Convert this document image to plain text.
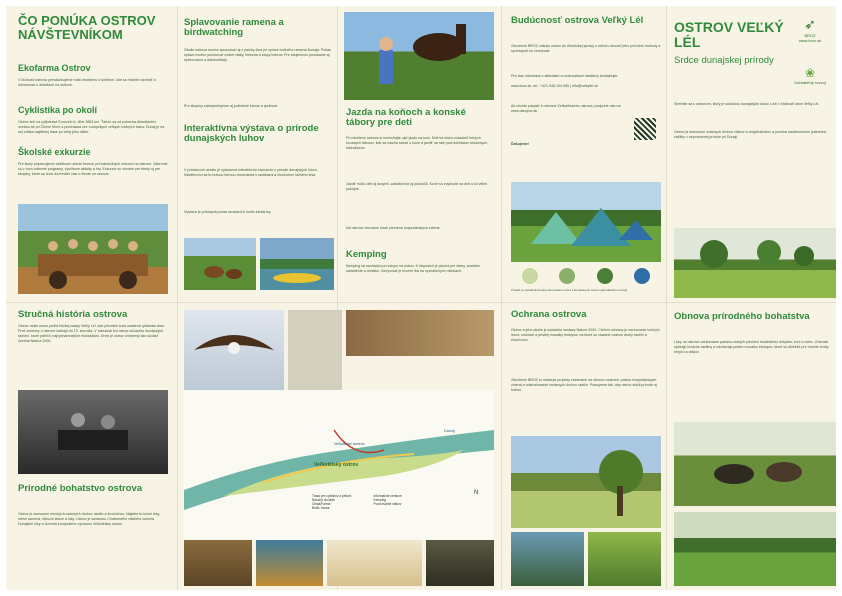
ČO PONÚKA OSTROV NÁVŠTEVNÍKOM
Ekofarma Ostrov

V blízkosti ostrova prevádzkujeme malú ekofarmu s bufetom, kde sa môžete osviežiť a informovať o aktivitách na ostrove.

Cyklistika po okolí

Ostrov leží na cyklotrase Eurovelo 6, dlhé 3653 km. Ťahne sa od pobrežia Atlantického oceánu až po Čierne More a prechádza cez európskych veľkých vodných tokov. Dunaj je na nej vďaka najdlhšej trase po celej jeho dĺžke.

Školské exkurzie

Pre školy pripravujeme zážitkové učenie formou prírodovedných exkurzií na ostrove. Zahrnuté sú v ňom odborné programy, výučbové aktivity a hry. Exkurzie sú vhodné pre triedy aj pre skupiny, ktoré sa chcú dozvedieť viac o živote na ostrove.

Splavovanie ramena a birdwatching

Okolie ostrova možno spoznávať aj z paluby člna pri splave bočného ramena Dunaja. Počas splavu možno pozorovať vodné vtáky, hniezda a stopy bobrov. Pre záujemcov ponúkame aj sprievodcov a ďalekohľady.

Pre skupiny zabezpečujeme aj požičanie kanoe a sprievod.

Interaktívna výstava o prírode dunajských luhov

V priestoroch areálu je vystavená interaktívna expozícia o prírode dunajských luhov. Návštevníci sa tu hravou formou oboznámia s rastlinami a živočíchmi lužného lesa.

Výstava je prístupná počas otváracích hodín ekofarmy.

Jazda na koňoch a konské tábory pre deti

Pri návšteve ostrova si nenechajte ujsť jazdu na koni. Deti sa môžu zúčastniť letných konských táborov, kde sa naučia starať o kone a jazdiť na nich pod dohľadom skúsených inštruktorov.

Jazdiť môžu deti aj dospelí, začiatočníci aj pokročilí. Kone sú zvyknuté na deti a sú veľmi pokojné.

Na ostrove chováme staré plemená hospodárskych zvierat.

Kemping

Kemping sa nachádza pri vstupe na ostrov. K dispozícii je plocha pre stany, sociálne zariadenie a ohnisko. Kempovať je možné iba na vyznačených miestach.

Budúcnosť ostrova Veľký Lél

Združenie BROZ získalo ostrov do dlhodobej správy s cieľom obnoviť jeho prírodné hodnoty a sprístupniť ho verejnosti.

Pre viac informácií o aktivitách a možnostiach návštevy kontaktujte:

www.broz.sk, tel.: +421 948 104 065 | info@velkylel.sk

Ak chcete prispieť k ochrane Veľkolélskeho ostrova, podporte nás na www.darujme.sk

Ďakujeme!

Projekt je spolufinancovaný Európskou úniou z Európskeho fondu regionálneho rozvoja

OSTROV VEĽKÝ LÉL

Srdce dunajskej prírody

➶
BROZ
www.broz.sk
❀
Udržateľný rozvoj

Stretnite sa s ostrovom, ktorý je súčasťou dunajských luhov. Leží v blízkosti obce Veľký Lél.

Ostrov je domovom vzácnych druhov vtákov a obojživelníkov a ponúka návštevníkom jedinečné zážitky v neporušenej prírode pri Dunaji.

Stručná história ostrova

Ostrov nesie meno podľa blízkej osady Veľký Lél, kde pôvodne bola usadená rybárska obec. Prvé zmienky o ostrove siahajú do 13. storočia. V minulosti bol ostrov súčasťou dunajských ramien, ktoré patrili k najvýznamnejším mokradiam. Dnes je ostrov chránený ako súčasť územia Natura 2000.

Prírodné bohatstvo ostrova

Ostrov je domovom mnohých vzácnych druhov rastlín a živočíchov. Nájdete tu lužné lesy, mŕtve ramená, štrkové lavice a lúky. Ostrov je súčasťou Chráneného vtáčieho územia Dunajské luhy a Územia európskeho významu Veľkolélsky ostrov.

Veľkolélsky ostrov
Dunaj
Veľkolélske rameno
N
Trasa pre cyklistov a peších
Náučný chodník
Cesta/Farma
Bufet, farma
Informačné centrum
Kemping
Pozorovanie vtákov
Ochrana ostrova

Ostrov a jeho okolie je súčasťou sústavy Natura 2000. Cieľom ochrany je zachovanie lužných lesov, mokradí a pestrej mozaiky biotopov, na ktoré sú viazané vzácne druhy rastlín a živočíchov.

Združenie BROZ tu realizuje projekty zamerané na obnovu mokradí, pastvu hospodárskych zvierat a odstraňovanie inváznych druhov rastlín. Pracujeme tak, aby ostrov slúžil prírode aj ľuďom.

Obnova prírodného bohatstva

Lúky na ostrove udržiavame pastvou starých plemien hovädzieho dobytka, koní a oviec. Zvieratá spásajú invázne rastliny a udržiavajú pestrú mozaiku biotopov, ktoré sú dôležité pre mnohé druhy hmyzu a vtákov.
